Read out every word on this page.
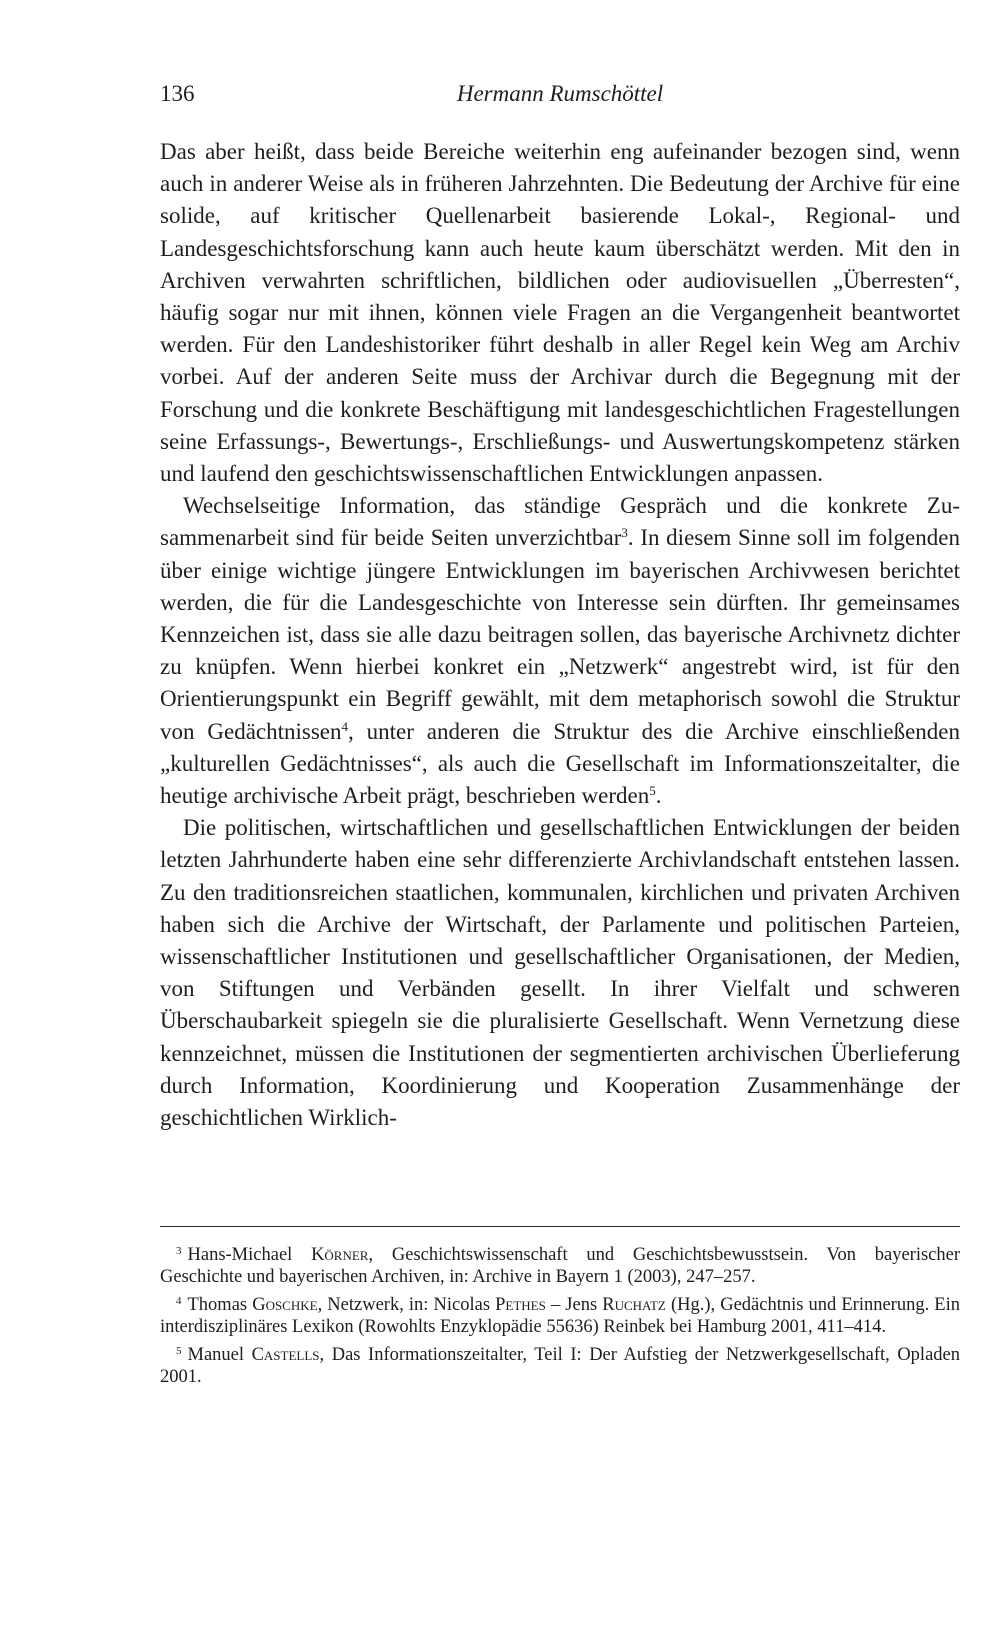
136	Hermann Rumschöttel

Das aber heißt, dass beide Bereiche weiterhin eng aufeinander bezogen sind, wenn auch in anderer Weise als in früheren Jahrzehnten. Die Bedeutung der Archive für eine solide, auf kritischer Quellenarbeit basierende Lokal-, Regional- und Landesgeschichtsforschung kann auch heute kaum überschätzt werden. Mit den in Archiven verwahrten schriftlichen, bildlichen oder audiovisuellen „Überresten“, häufig sogar nur mit ihnen, können viele Fragen an die Vergangenheit beantwortet werden. Für den Landeshistoriker führt deshalb in aller Regel kein Weg am Archiv vorbei. Auf der anderen Seite muss der Archivar durch die Begegnung mit der Forschung und die konkrete Beschäftigung mit landesgeschichtlichen Fragestellungen seine Erfassungs-, Bewertungs-, Erschließungs- und Auswertungskompetenz stärken und laufend den geschichtswissenschaftlichen Entwicklungen anpassen.

Wechselseitige Information, das ständige Gespräch und die konkrete Zusammenarbeit sind für beide Seiten unverzichtbar$^3$. In diesem Sinne soll im folgenden über einige wichtige jüngere Entwicklungen im bayerischen Archivwesen berichtet werden, die für die Landesgeschichte von Interesse sein dürften. Ihr gemeinsames Kennzeichen ist, dass sie alle dazu beitragen sollen, das bayerische Archivnetz dichter zu knüpfen. Wenn hierbei konkret ein „Netzwerk“ angestrebt wird, ist für den Orientierungspunkt ein Begriff gewählt, mit dem metaphorisch sowohl die Struktur von Gedächtnissen$^4$, unter anderen die Struktur des die Archive einschließenden „kulturellen Gedächtnisses“, als auch die Gesellschaft im Informationszeitalter, die heutige archivische Arbeit prägt, beschrieben werden$^5$.

Die politischen, wirtschaftlichen und gesellschaftlichen Entwicklungen der beiden letzten Jahrhunderte haben eine sehr differenzierte Archivlandschaft entstehen lassen. Zu den traditionsreichen staatlichen, kommunalen, kirchlichen und privaten Archiven haben sich die Archive der Wirtschaft, der Parlamente und politischen Parteien, wissenschaftlicher Institutionen und gesellschaftlicher Organisationen, der Medien, von Stiftungen und Verbänden gesellt. In ihrer Vielfalt und schweren Überschaubarkeit spiegeln sie die pluralisierte Gesellschaft. Wenn Vernetzung diese kennzeichnet, müssen die Institutionen der segmentierten archivischen Überlieferung durch Information, Koordinierung und Kooperation Zusammenhänge der geschichtlichen Wirklich-

$^3$ Hans-Michael Körner, Geschichtswissenschaft und Geschichtsbewusstsein. Von bayerischer Geschichte und bayerischen Archiven, in: Archive in Bayern 1 (2003), 247–257.

$^4$ Thomas Goschke, Netzwerk, in: Nicolas Pethes – Jens Ruchatz (Hg.), Gedächtnis und Erinnerung. Ein interdisziplinäres Lexikon (Rowohlts Enzyklopädie 55636) Reinbek bei Hamburg 2001, 411–414.

$^5$ Manuel Castells, Das Informationszeitalter, Teil I: Der Aufstieg der Netzwerkgesellschaft, Opladen 2001.
